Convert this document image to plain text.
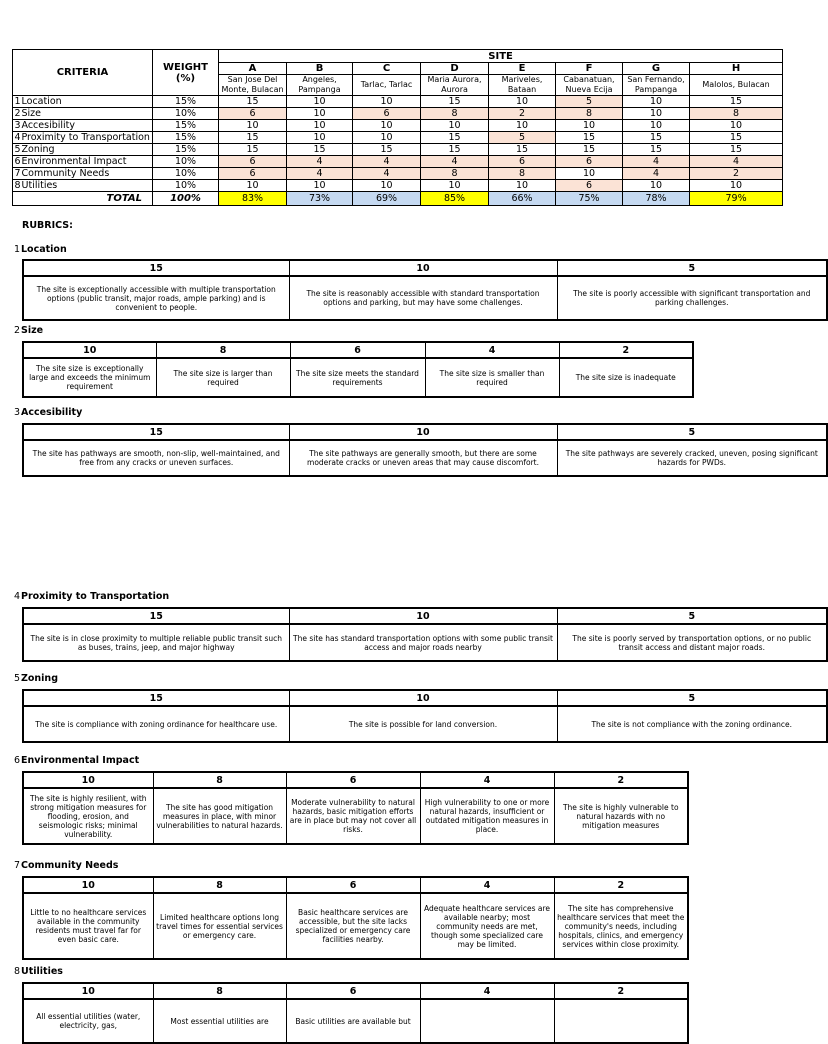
CRITERIA		WEIGHT (%)	SITE							
			A	B	C	D	E	F	G	H
			San Jose Del Monte, Bulacan	Angeles, Pampanga	Tarlac, Tarlac	Maria Aurora, Aurora	Mariveles, Bataan	Cabanatuan, Nueva Ecija	San Fernando, Pampanga	Malolos, Bulacan
1	Location	15%	15	10	10	15	10	5	10	15
2	Size	10%	6	10	6	8	2	8	10	8
3	Accesibility	15%	10	10	10	10	10	10	10	10
4	Proximity to Transportation	15%	15	10	10	15	5	15	15	15
5	Zoning	15%	15	15	15	15	15	15	15	15
6	Environmental Impact	10%	6	4	4	4	6	6	4	4
7	Community Needs	10%	6	4	4	8	8	10	4	2
8	Utilities	10%	10	10	10	10	10	6	10	10
TOTAL		100%	83%	73%	69%	85%	66%	75%	78%	79%
RUBRICS:
1Location
15	10	5
The site is exceptionally accessible with multiple transportation options (public transit, major roads, ample parking) and is convenient to people.	The site is reasonably accessible with standard transportation options and parking, but may have some challenges.	The site is poorly accessible with significant transportation and parking challenges.
2Size
10	8	6	4	2
The site size is exceptionally large and exceeds the minimum requirement	The site size is larger than required	The site size meets the standard requirements	The site size is smaller than required	The site size is inadequate
3Accesibility
15	10	5
The site has pathways are smooth, non-slip, well-maintained, and free from any cracks or uneven surfaces.	The site pathways are generally smooth, but there are some moderate cracks or uneven areas that may cause discomfort.	The site pathways are severely cracked, uneven, posing significant hazards for PWDs.
4Proximity to Transportation
15	10	5
The site is in close proximity to multiple reliable public transit such as buses, trains, jeep, and major highway	The site has standard transportation options with some public transit access and major roads nearby	The site is poorly served by transportation options, or no public transit access and distant major roads.
5Zoning
15	10	5
The site is compliance with zoning ordinance for healthcare use.	The site is possible for land conversion.	The site is not compliance with the zoning ordinance.
6Environmental Impact
10	8	6	4	2
The site is highly resilient, with strong mitigation measures for flooding, erosion, and seismologic risks; minimal vulnerability.	The site has good mitigation measures in place, with minor vulnerabilities to natural hazards.	Moderate vulnerability to natural hazards, basic mitigation efforts are in place but may not cover all risks.	High vulnerability to one or more natural hazards, insufficient or outdated mitigation measures in place.	The site is highly vulnerable to natural hazards with no mitigation measures
7Community Needs
10	8	6	4	2
Little to no healthcare services available in the community residents must travel far for even basic care.	Limited healthcare options long travel times for essential services or emergency care.	Basic healthcare services are accessible, but the site lacks specialized or emergency care facilities nearby.	Adequate healthcare services are available nearby; most community needs are met, though some specialized care may be limited.	The site has comprehensive healthcare services that meet the community's needs, including hospitals, clinics, and emergency services within close proximity.
8Utilities
10	8	6	4	2
All essential utilities (water, electricity, gas,	Most essential utilities are	Basic utilities are available but		
